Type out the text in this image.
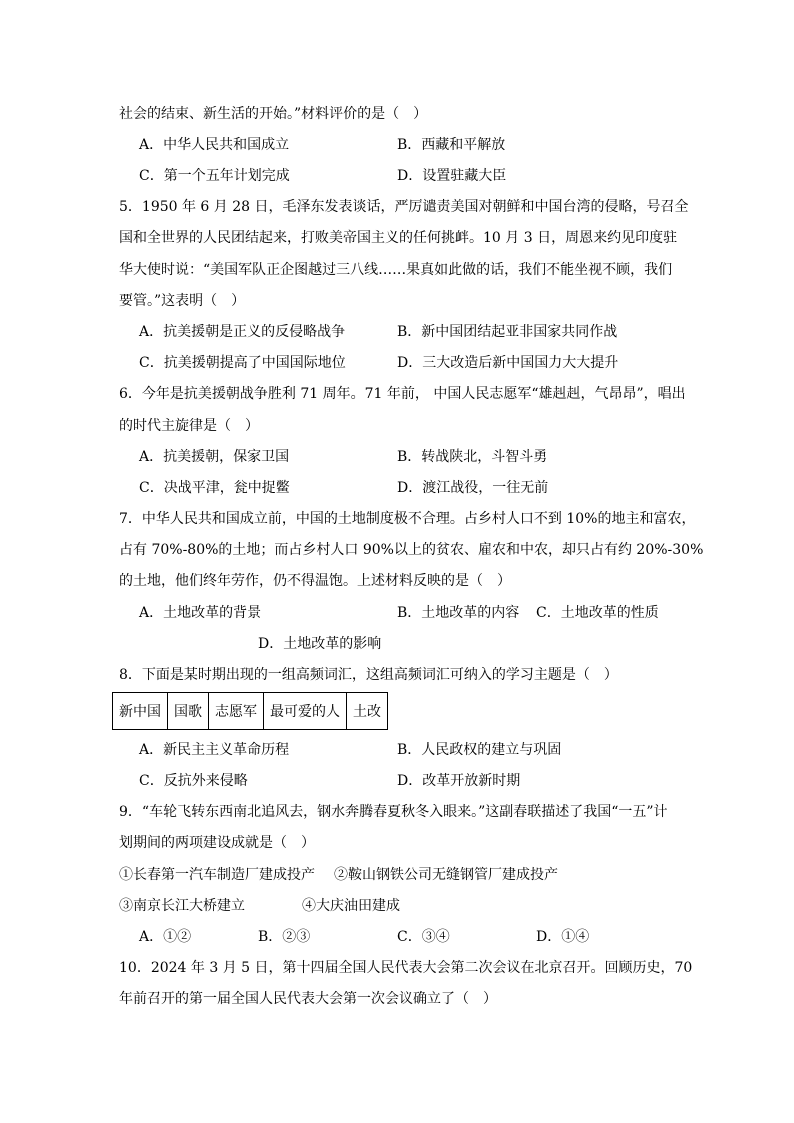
社会的结束、新生活的开始。”材料评价的是（　）
A．中华人民共和国成立	B．西藏和平解放
C．第一个五年计划完成	D．设置驻藏大臣
5．1950 年 6 月 28 日，毛泽东发表谈话，严厉谴责美国对朝鲜和中国台湾的侵略，号召全
国和全世界的人民团结起来，打败美帝国主义的任何挑衅。10 月 3 日，周恩来约见印度驻
华大使时说：“美国军队正企图越过三八线……果真如此做的话，我们不能坐视不顾，我们
要管。”这表明（　）
A．抗美援朝是正义的反侵略战争	B．新中国团结起亚非国家共同作战
C．抗美援朝提高了中国国际地位	D．三大改造后新中国国力大大提升
6．今年是抗美援朝战争胜利 71 周年。71 年前， 中国人民志愿军“雄赳赳，气昂昂”，唱出
的时代主旋律是（　）
A．抗美援朝，保家卫国	B．转战陕北，斗智斗勇
C．决战平津，瓮中捉鳖	D．渡江战役，一往无前
7．中华人民共和国成立前，中国的土地制度极不合理。占乡村人口不到 10%的地主和富农，
占有 70%-80%的土地；而占乡村人口 90%以上的贫农、雇农和中农，却只占有约 20%-30%
的土地，他们终年劳作，仍不得温饱。上述材料反映的是（　）
A．土地改革的背景	B．土地改革的内容 C．土地改革的性质
D．土地改革的影响
8．下面是某时期出现的一组高频词汇，这组高频词汇可纳入的学习主题是（　）
新中国	国歌	志愿军	最可爱的人	土改
A．新民主主义革命历程	B．人民政权的建立与巩固
C．反抗外来侵略	D．改革开放新时期
9．“车轮飞转东西南北追风去，钢水奔腾春夏秋冬入眼来。”这副春联描述了我国“一五”计
划期间的两项建设成就是（　）
①长春第一汽车制造厂建成投产 ②鞍山钢铁公司无缝钢管厂建成投产
③南京长江大桥建立	④大庆油田建成
A．①②	B．②③	C．③④	D．①④
10．2024 年 3 月 5 日，第十四届全国人民代表大会第二次会议在北京召开。回顾历史，70
年前召开的第一届全国人民代表大会第一次会议确立了（　）
